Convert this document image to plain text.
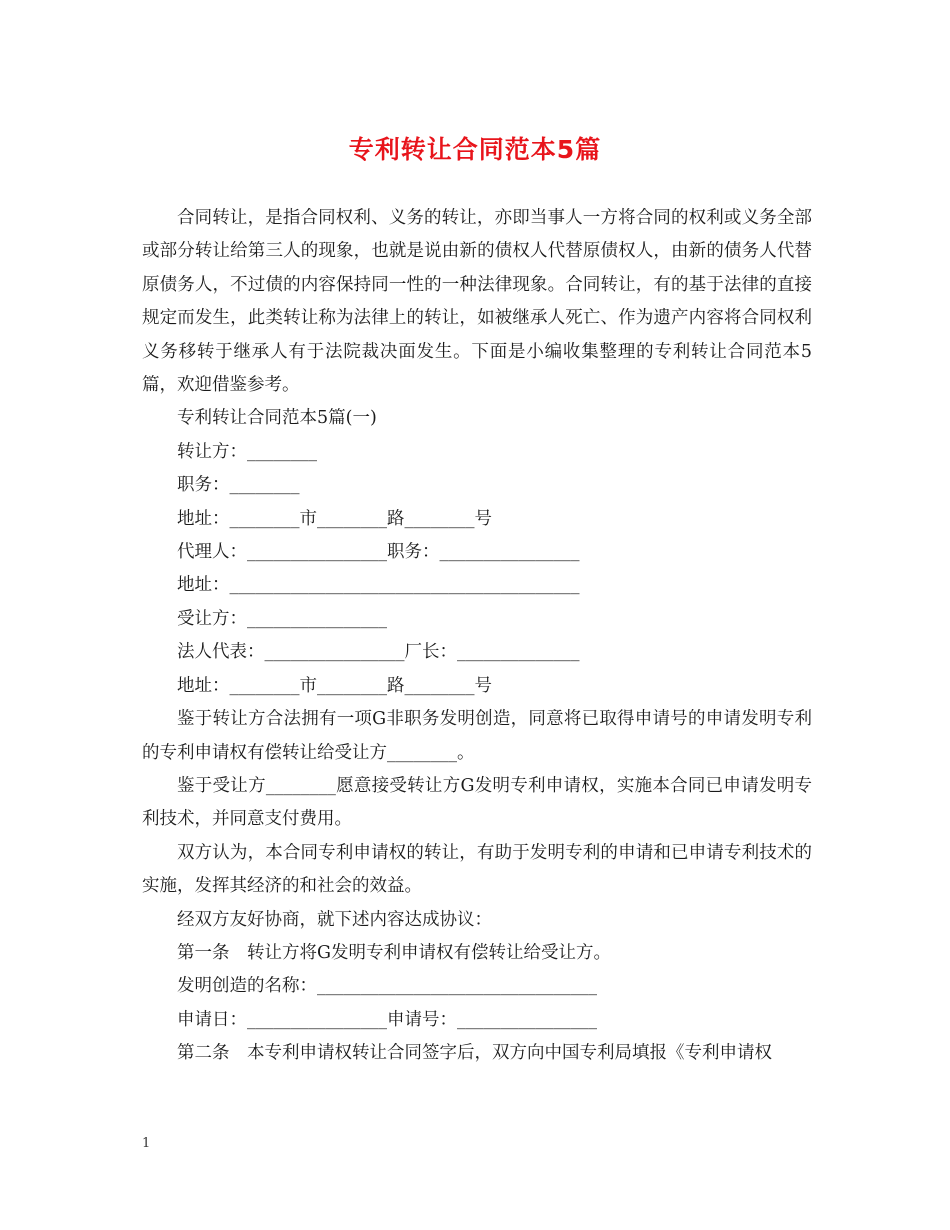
专利转让合同范本5篇

合同转让，是指合同权利、义务的转让，亦即当事人一方将合同的权利或义务全部或部分转让给第三人的现象，也就是说由新的债权人代替原债权人，由新的债务人代替原债务人，不过债的内容保持同一性的一种法律现象。合同转让，有的基于法律的直接规定而发生，此类转让称为法律上的转让，如被继承人死亡、作为遗产内容将合同权利义务移转于继承人有于法院裁决面发生。下面是小编收集整理的专利转让合同范本5篇，欢迎借鉴参考。

专利转让合同范本5篇(一)

转让方：________

职务：________

地址：________市________路________号

代理人：________________职务：________________

地址：________________________________________

受让方：________________

法人代表：________________厂长：______________

地址：________市________路________号

鉴于转让方合法拥有一项G非职务发明创造，同意将已取得申请号的申请发明专利的专利申请权有偿转让给受让方________。

鉴于受让方________愿意接受转让方G发明专利申请权，实施本合同已申请发明专利技术，并同意支付费用。

双方认为，本合同专利申请权的转让，有助于发明专利的申请和已申请专利技术的实施，发挥其经济的和社会的效益。

经双方友好协商，就下述内容达成协议：

第一条　转让方将G发明专利申请权有偿转让给受让方。

发明创造的名称：________________________________

申请日：________________申请号：________________

第二条　本专利申请权转让合同签字后，双方向中国专利局填报《专利申请权

1
